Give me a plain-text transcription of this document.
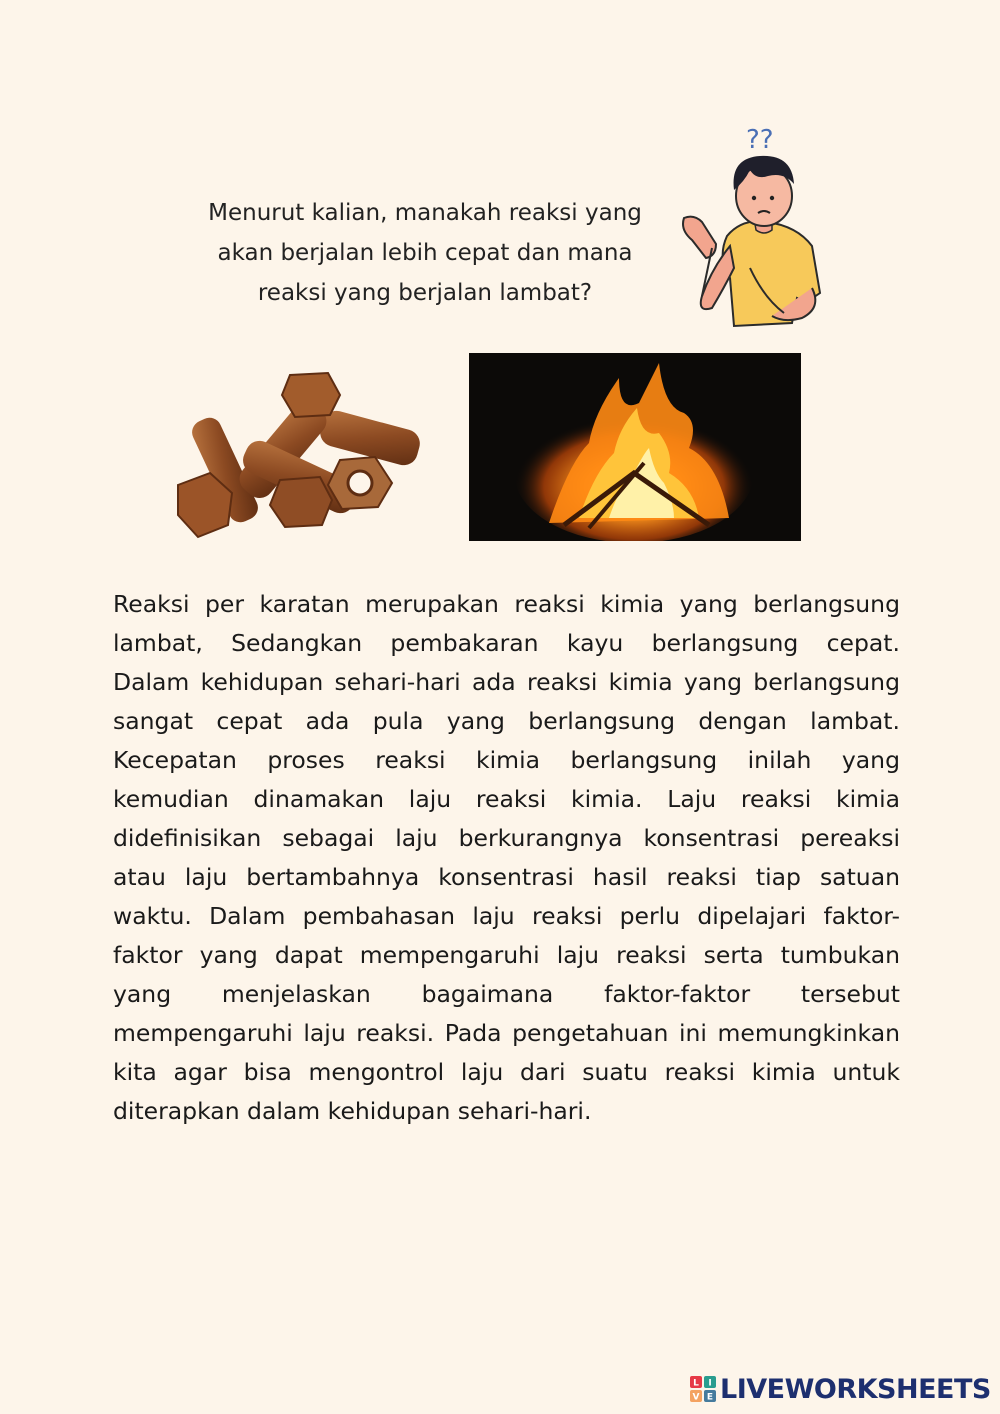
Menurut kalian, manakah reaksi yang
akan berjalan lebih cepat dan mana
reaksi yang berjalan lambat?
??
Reaksi per karatan merupakan reaksi kimia yang berlangsung
lambat, Sedangkan pembakaran kayu berlangsung cepat.
Dalam kehidupan sehari-hari ada reaksi kimia yang berlangsung
sangat cepat ada pula yang berlangsung dengan lambat.
Kecepatan proses reaksi kimia berlangsung inilah yang
kemudian dinamakan laju reaksi kimia. Laju reaksi kimia
didefinisikan sebagai laju berkurangnya konsentrasi pereaksi
atau laju bertambahnya konsentrasi hasil reaksi tiap satuan
waktu. Dalam pembahasan laju reaksi perlu dipelajari faktor-
faktor yang dapat mempengaruhi laju reaksi serta tumbukan
yang menjelaskan bagaimana faktor-faktor tersebut
mempengaruhi laju reaksi. Pada pengetahuan ini memungkinkan
kita agar bisa mengontrol laju dari suatu reaksi kimia untuk
diterapkan dalam kehidupan sehari-hari.
L I
V E LIVEWORKSHEETS
